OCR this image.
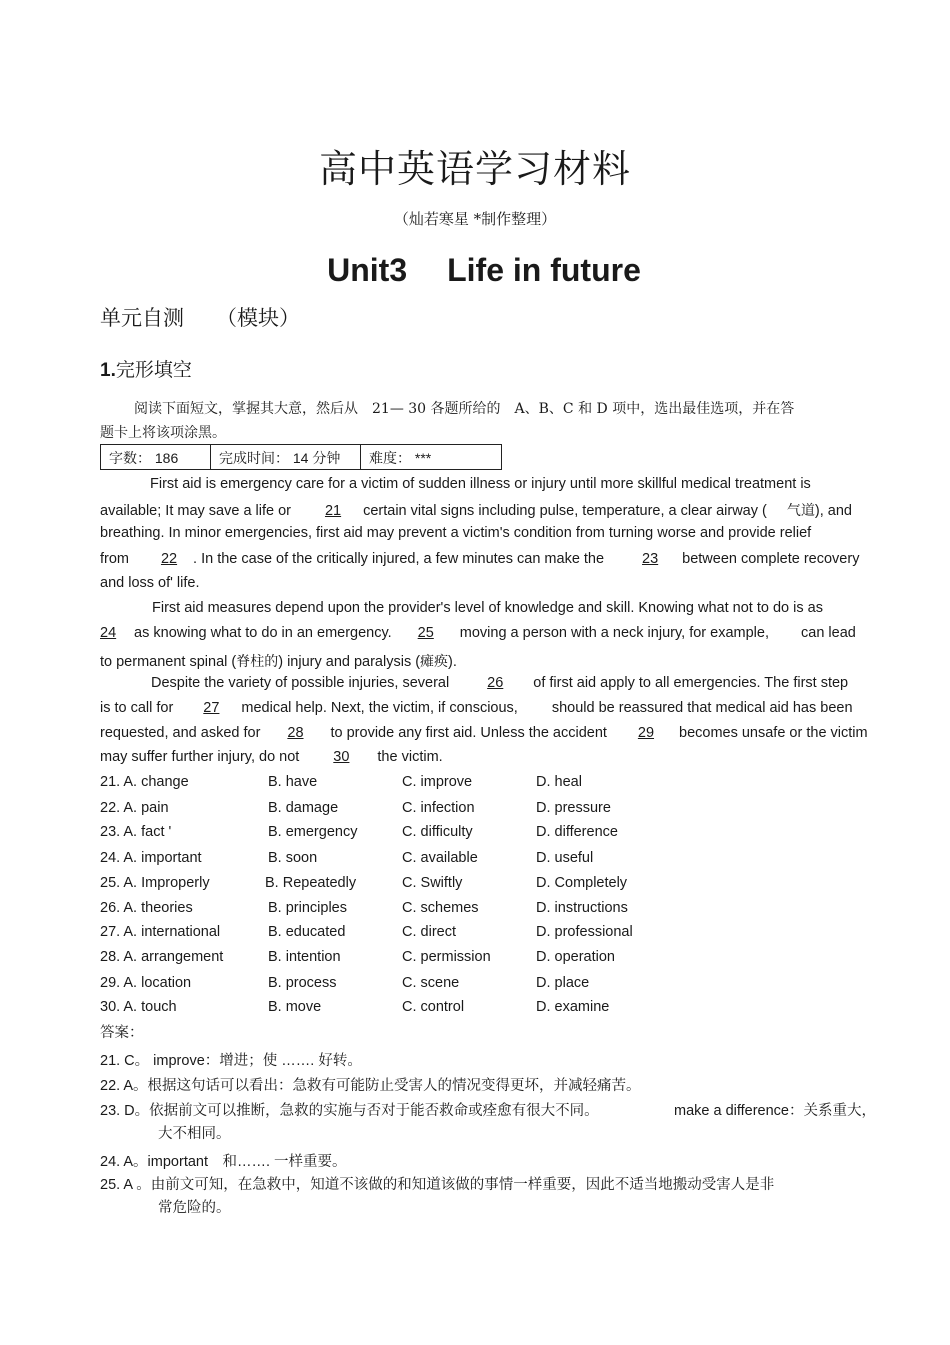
高中英语学习材料
（灿若寒星 *制作整理）
Unit3 Life in future
单元自测 （模块）
1.完形填空
阅读下面短文，掌握其大意，然后从　21— 30 各题所给的　A、B、C 和 D 项中，选出最佳选项，并在答
题卡上将该项涂黑。
字数： 186	完成时间： 14 分钟	难度： ***
First aid is emergency care for a victim of sudden illness or injury until more skillful medical treatment is
available; It may save a life or 21 certain vital signs including pulse, temperature, a clear airway ( 气道), and
breathing. In minor emergencies, first aid may prevent a victim's condition from turning worse and provide relief
from 22 . In the case of the critically injured, a few minutes can make the	23 between complete recovery
and loss of' life.
First aid measures depend upon the provider's level of knowledge and skill. Knowing what not to do is as
24 as knowing what to do in an emergency. 25 moving a person with a neck injury, for example, can lead
to permanent spinal (脊柱的) injury and paralysis (瘫痪).
Despite the variety of possible injuries, several	26 of first aid apply to all emergencies. The first step
is to call for 27 medical help. Next, the victim, if conscious, should be reassured that medical aid has been
requested, and asked for 28 to provide any first aid. Unless the accident 29 becomes unsafe or the victim
may suffer further injury, do not 30 the victim.
21. A. change	B. have	C. improve	D. heal
22. A. pain	B. damage	C. infection	D. pressure
23. A. fact '	B. emergency	C. difficulty	D. difference
24. A. important	B. soon	C. available	D. useful
25. A. Improperly	B. Repeatedly	C. Swiftly	D. Completely
26. A. theories	B. principles	C. schemes	D. instructions
27. A. international	B. educated	C. direct	D. professional
28. A. arrangement	B. intention	C. permission	D. operation
29. A. location	B. process	C. scene	D. place
30. A. touch	B. move	C. control	D. examine
答案：
21. C。 improve：增进；使 ……. 好转。
22. A。根据这句话可以看出：急救有可能防止受害人的情况变得更坏，并减轻痛苦。
23. D。依据前文可以推断，急救的实施与否对于能否救命或痊愈有很大不同。	make a difference：关系重大，
大不相同。
24. A。important　和……. 一样重要。
25. A 。由前文可知，在急救中，知道不该做的和知道该做的事情一样重要，因此不适当地搬动受害人是非
常危险的。
